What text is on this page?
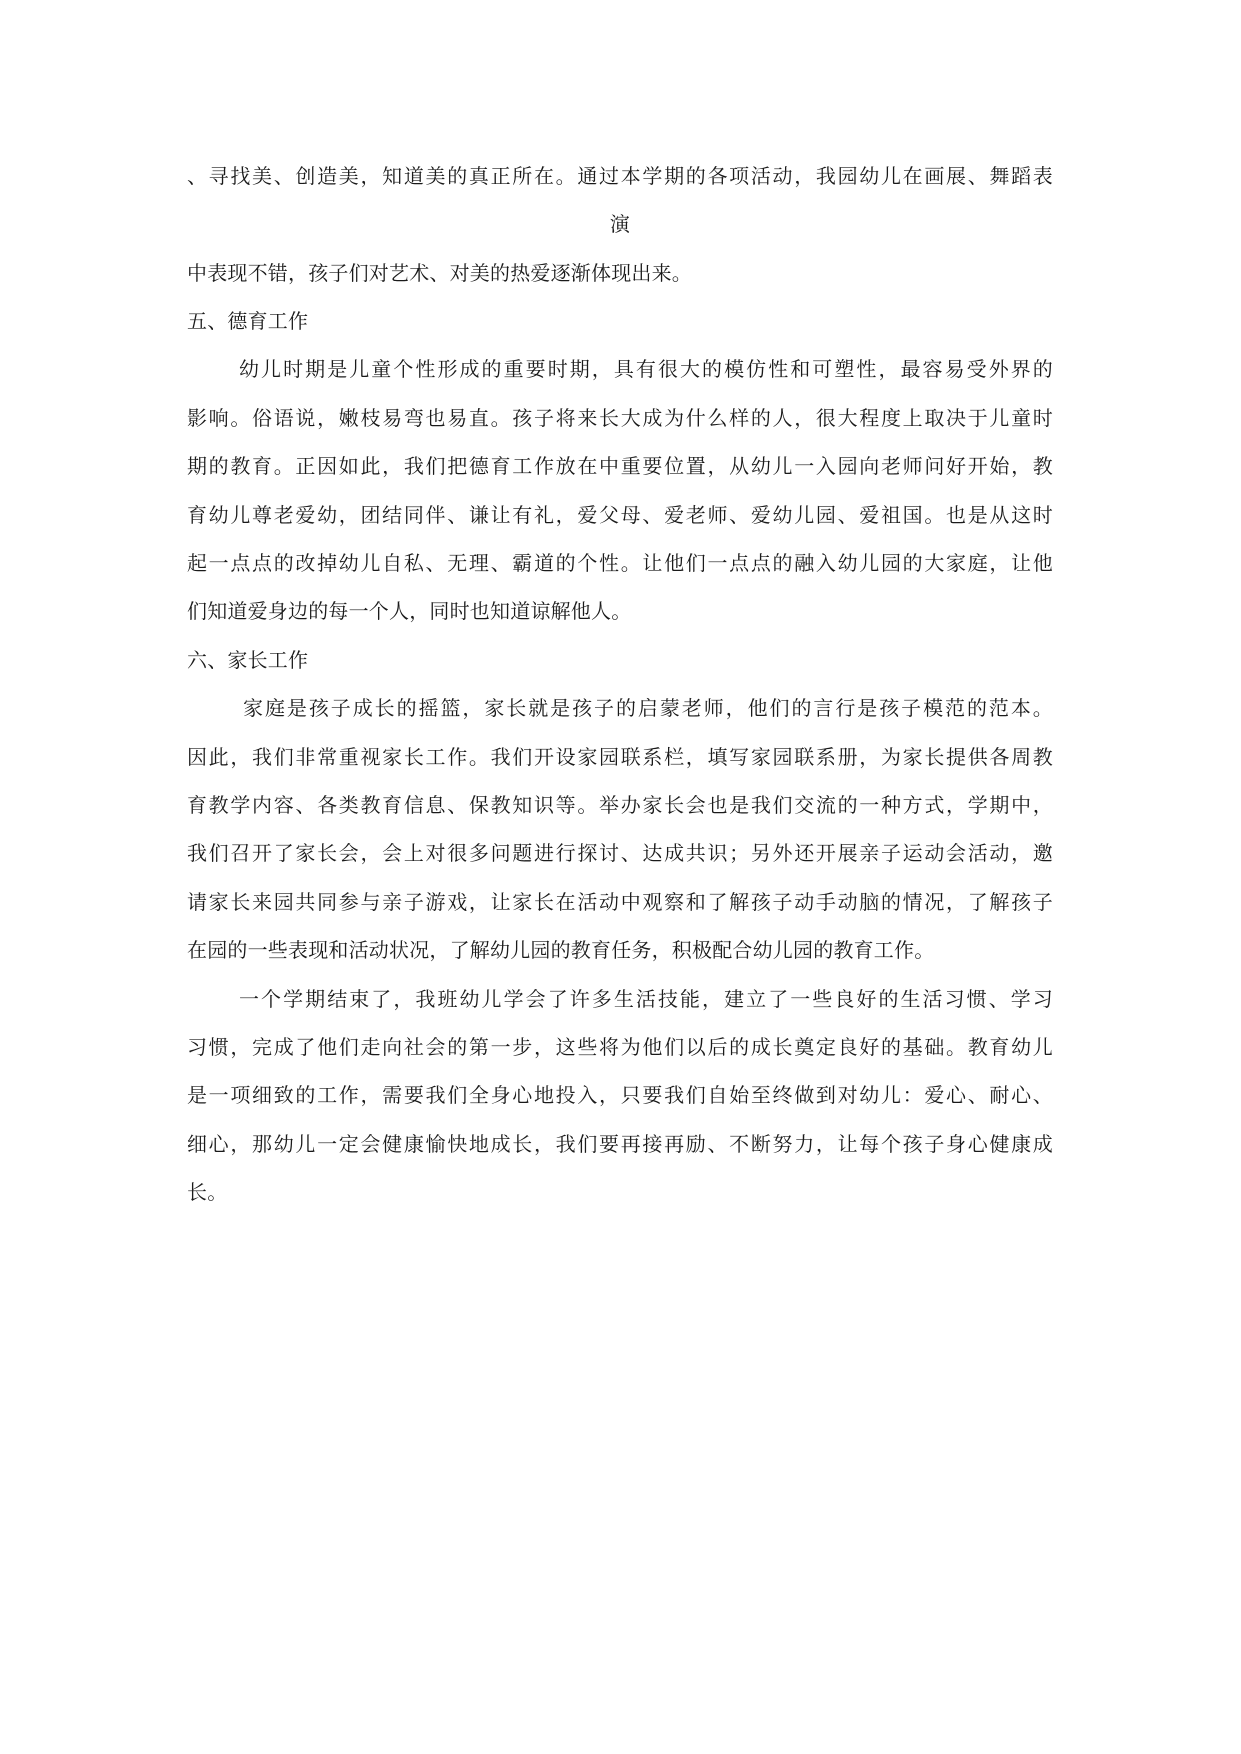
、寻找美、创造美，知道美的真正所在。通过本学期的各项活动，我园幼儿在画展、舞蹈表
演
中表现不错，孩子们对艺术、对美的热爱逐渐体现出来。
五、德育工作
幼儿时期是儿童个性形成的重要时期，具有很大的模仿性和可塑性，最容易受外界的
影响。俗语说，嫩枝易弯也易直。孩子将来长大成为什么样的人，很大程度上取决于儿童时
期的教育。正因如此，我们把德育工作放在中重要位置，从幼儿一入园向老师问好开始，教
育幼儿尊老爱幼，团结同伴、谦让有礼，爱父母、爱老师、爱幼儿园、爱祖国。也是从这时
起一点点的改掉幼儿自私、无理、霸道的个性。让他们一点点的融入幼儿园的大家庭，让他
们知道爱身边的每一个人，同时也知道谅解他人。
六、家长工作
家庭是孩子成长的摇篮，家长就是孩子的启蒙老师，他们的言行是孩子模范的范本。
因此，我们非常重视家长工作。我们开设家园联系栏，填写家园联系册，为家长提供各周教
育教学内容、各类教育信息、保教知识等。举办家长会也是我们交流的一种方式，学期中，
我们召开了家长会，会上对很多问题进行探讨、达成共识；另外还开展亲子运动会活动，邀
请家长来园共同参与亲子游戏，让家长在活动中观察和了解孩子动手动脑的情况，了解孩子
在园的一些表现和活动状况，了解幼儿园的教育任务，积极配合幼儿园的教育工作。
一个学期结束了，我班幼儿学会了许多生活技能，建立了一些良好的生活习惯、学习
习惯，完成了他们走向社会的第一步，这些将为他们以后的成长奠定良好的基础。教育幼儿
是一项细致的工作，需要我们全身心地投入，只要我们自始至终做到对幼儿：爱心、耐心、
细心，那幼儿一定会健康愉快地成长，我们要再接再励、不断努力，让每个孩子身心健康成
长。
